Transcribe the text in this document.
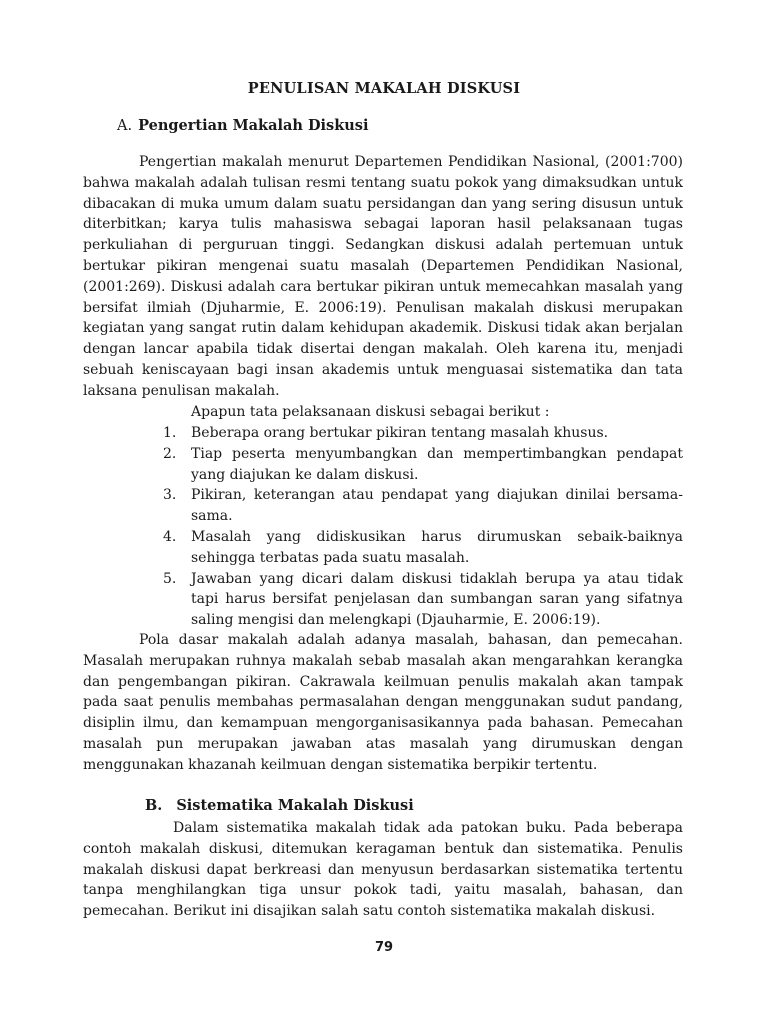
PENULISAN MAKALAH DISKUSI
A. Pengertian Makalah Diskusi

Pengertian makalah menurut Departemen Pendidikan Nasional, (2001:700) bahwa makalah adalah tulisan resmi tentang suatu pokok yang dimaksudkan untuk dibacakan di muka umum dalam suatu persidangan dan yang sering disusun untuk diterbitkan; karya tulis mahasiswa sebagai laporan hasil pelaksanaan tugas perkuliahan di perguruan tinggi. Sedangkan diskusi adalah pertemuan untuk bertukar pikiran mengenai suatu masalah (Departemen Pendidikan Nasional, (2001:269). Diskusi adalah cara bertukar pikiran untuk memecahkan masalah yang bersifat ilmiah (Djuharmie, E. 2006:19). Penulisan makalah diskusi merupakan kegiatan yang sangat rutin dalam kehidupan akademik. Diskusi tidak akan berjalan dengan lancar apabila tidak disertai dengan makalah. Oleh karena itu, menjadi sebuah keniscayaan bagi insan akademis untuk menguasai sistematika dan tata laksana penulisan makalah.

Apapun tata pelaksanaan diskusi sebagai berikut :
1. Beberapa orang bertukar pikiran tentang masalah khusus.
2. Tiap peserta menyumbangkan dan mempertimbangkan pendapat yang diajukan ke dalam diskusi.
3. Pikiran, keterangan atau pendapat yang diajukan dinilai bersama-sama.
4. Masalah yang didiskusikan harus dirumuskan sebaik-baiknya sehingga terbatas pada suatu masalah.
5. Jawaban yang dicari dalam diskusi tidaklah berupa ya atau tidak tapi harus bersifat penjelasan dan sumbangan saran yang sifatnya saling mengisi dan melengkapi (Djauharmie, E. 2006:19).

Pola dasar makalah adalah adanya masalah, bahasan, dan pemecahan. Masalah merupakan ruhnya makalah sebab masalah akan mengarahkan kerangka dan pengembangan pikiran. Cakrawala keilmuan penulis makalah akan tampak pada saat penulis membahas permasalahan dengan menggunakan sudut pandang, disiplin ilmu, dan kemampuan mengorganisasikannya pada bahasan. Pemecahan masalah pun merupakan jawaban atas masalah yang dirumuskan dengan menggunakan khazanah keilmuan dengan sistematika berpikir tertentu.

B. Sistematika Makalah Diskusi

Dalam sistematika makalah tidak ada patokan buku. Pada beberapa contoh makalah diskusi, ditemukan keragaman bentuk dan sistematika. Penulis makalah diskusi dapat berkreasi dan menyusun berdasarkan sistematika tertentu tanpa menghilangkan tiga unsur pokok tadi, yaitu masalah, bahasan, dan pemecahan. Berikut ini disajikan salah satu contoh sistematika makalah diskusi.

79
